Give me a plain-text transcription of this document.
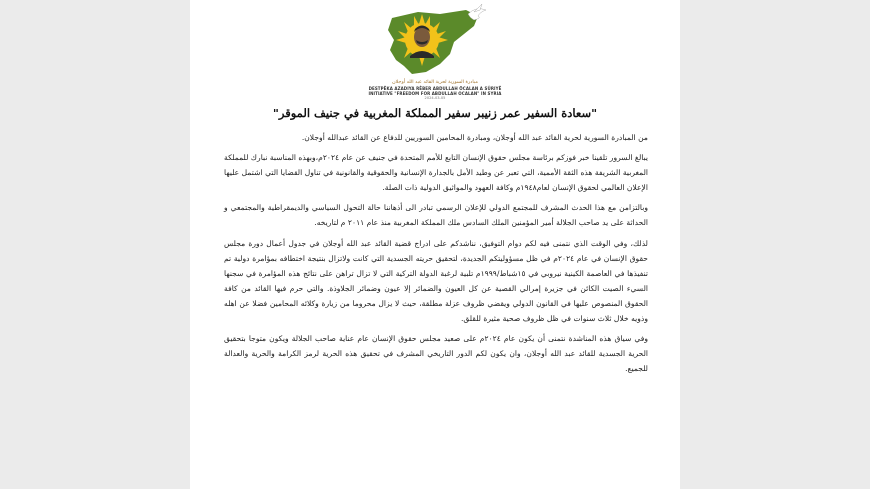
مبادرة السورية لحرية القائد عبد الله أوجلان
DESTPÊKA AZADIYA RÊBER ABDULLAH ÖCALAN A SÛRIYÊ
INITIATIVE "FREEDOM FOR ABDULLAH OCALAN" IN SYRIA
2024-03-05
"سعادة السفير عمر زنيبر سفير المملكة المغربية في جنيف الموقر"

من المبادرة السورية لحرية القائد عبد الله أوجلان، ومبادرة المحامين السوريين للدفاع عن القائد عبدالله أوجلان.

يبالغ السرور تلقينا خبر فوزكم برئاسة مجلس حقوق الإنسان التابع للأمم المتحدة في جنيف عن عام ٢٠٢٤م،وبهذه المناسبة نبارك للمملكة المغربية الشريفة هذه الثقة الأممية، التي تعبر عن وطيد الأمل بالجدارة الإنسانية والحقوقية والقانونية في تناول القضايا التي اشتمل عليها الإعلان العالمي لحقوق الإنسان لعام١٩٤٨م وكافة العهود والمواثيق الدولية ذات الصلة.

وبالتزامن مع هذا الحدث المشرف للمجتمع الدولي للإعلان الرسمي تبادر الى أذهاننا حالة التحول السياسي والديمقراطية والمجتمعي و الحداثة على يد صاحب الجلالة أمير المؤمنين الملك السادس ملك المملكة المغربية منذ عام ٢٠١١ م لتاريخه.

لذلك، وفي الوقت الذي نتمنى فيه لكم دوام التوفيق، نناشدكم على ادراج قضية القائد عبد الله أوجلان في جدول أعمال دورة مجلس حقوق الإنسان في عام ٢٠٢٤م في ظل مسؤوليتكم الجديدة، لتحقيق حريته الجسدية التي كانت ولاتزال بنتيجة اختطافه بمؤامرة دولية تم تنفيذها في العاصمة الكينية نيروبي في ١٥شباط/١٩٩٩م تلبية لرغبة الدولة التركية التي لا تزال تراهن على نتائج هذه المؤامرة في سجنها السيء الصيت الكائن في جزيرة إمرالي القصية عن كل العيون والضمائر إلا عيون وضمائر الجلاوذة. والتي حرم فيها القائد من كافة الحقوق المنصوص عليها في القانون الدولي ويقضي ظروف عزلة مطلقة، حيث لا يزال محروما من زيارة وكلائه المحامين فضلا عن اهله وذويه خلال ثلاث سنوات في ظل ظروف صحية مثيرة للقلق.

وفي سياق هذه المناشدة نتمنى أن يكون عام ٢٠٢٤م على صعيد مجلس حقوق الإنسان عام عناية صاحب الجلالة ويكون متوجا بتحقيق الحرية الجسدية للقائد عبد الله أوجلان، وان يكون لكم الدور التاريخي المشرف في تحقيق هذه الحرية لرمز الكرامة والحرية والعدالة للجميع.
